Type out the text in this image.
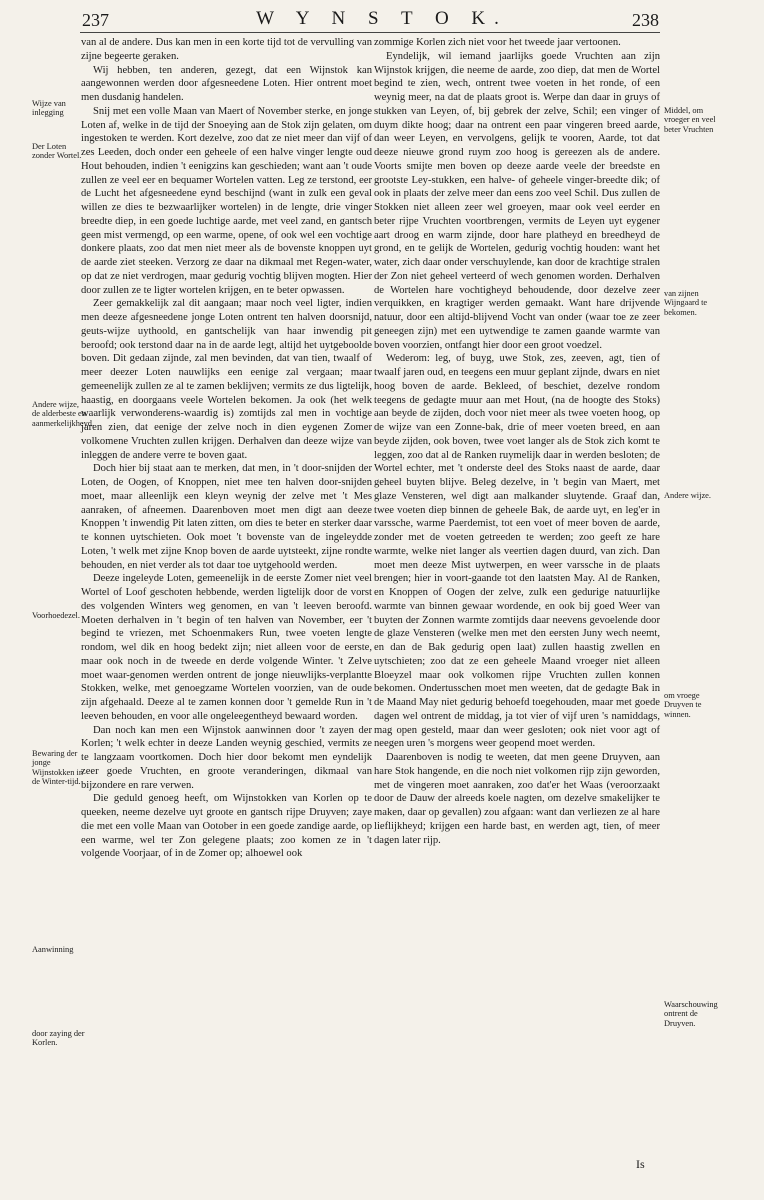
237	W Y N S T O K.	238

van al de andere. Dus kan men in een korte tijd tot de vervulling van zijne begeerte geraken.

Wij hebben, ten anderen, gezegt, dat een Wijnstok kan aangewonnen werden door afgesneedene Loten. Hier ontrent moet men dusdanig handelen.

Snij met een volle Maan van Maert of November sterke, en jonge Loten af, welke in de tijd der Snoeying aan de Stok zijn gelaten, om ingestoken te werden. Kort dezelve, zoo dat ze niet meer dan vijf of zes Leeden, doch onder een geheele of een halve vinger lengte oud Hout behouden, indien 't eenigzins kan geschieden; want aan 't oude zullen ze veel eer en bequamer Wortelen vatten. Leg ze terstond, eer de Lucht het afgesneedene eynd beschijnd (want in zulk een geval willen ze dies te bezwaarlijker wortelen) in de lengte, drie vinger breedte diep, in een goede luchtige aarde, met veel zand, en gantsch geen mist vermengd, op een warme, opene, of ook wel een vochtige donkere plaats, zoo dat men niet meer als de bovenste knoppen uyt de aarde ziet steeken. Verzorg ze daar na dikmaal met Regen-water, op dat ze niet verdrogen, maar gedurig vochtig blijven mogten. Hier door zullen ze te ligter wortelen krijgen, en te beter opwassen.

Zeer gemakkelijk zal dit aangaan; maar noch veel ligter, indien men deeze afgesneedene jonge Loten ontrent ten halven doorsnijd, geuts-wijze uythoold, en gantschelijk van haar inwendig pit beroofd; ook terstond daar na in de aarde legt, altijd het uytgeboolde boven. Dit gedaan zijnde, zal men bevinden, dat van tien, twaalf of meer deezer Loten nauwlijks een eenige zal vergaan; maar gemeenelijk zullen ze al te zamen beklijven; vermits ze dus ligtelijk, haastig, en doorgaans veele Wortelen bekomen. Ja ook (het welk waarlijk verwonderens-waardig is) zomtijds zal men in vochtige jaren zien, dat eenige der zelve noch in dien eygenen Zomer volkomene Vruchten zullen krijgen. Derhalven dan deeze wijze van inleggen de andere verre te boven gaat.

Doch hier bij staat aan te merken, dat men, in 't door-snijden der Loten, de Oogen, of Knoppen, niet mee ten halven door-snijden moet, maar alleenlijk een kleyn weynig der zelve met 't Mes aanraken, of afneemen. Daarenboven moet men digt aan deeze Knoppen 't inwendig Pit laten zitten, om dies te beter en sterker daar te konnen uytschieten. Ook moet 't bovenste van de ingeleydde Loten, 't welk met zijne Knop boven de aarde uytsteekt, zijne rondte behouden, en niet verder als tot daar toe uytgehoold werden.

Deeze ingeleyde Loten, gemeenelijk in de eerste Zomer niet veel Wortel of Loof geschoten hebbende, werden ligtelijk door de vorst des volgenden Winters weg genomen, en van 't leeven beroofd. Moeten derhalven in 't begin of ten halven van November, eer 't begind te vriezen, met Schoenmakers Run, twee voeten lengte rondom, wel dik en hoog bedekt zijn; niet alleen voor de eerste, maar ook noch in de tweede en derde volgende Winter. 't Zelve moet waar-genomen werden ontrent de jonge nieuwlijks-verplantte Stokken, welke, met genoegzame Wortelen voorzien, van de oude zijn afgehaald. Deeze al te zamen konnen door 't gemelde Run in 't leeven behouden, en voor alle ongeleegentheyd bewaard worden.

Dan noch kan men een Wijnstok aanwinnen door 't zayen der Korlen; 't welk echter in deeze Landen weynig geschied, vermits ze te langzaam voortkomen. Doch hier door bekomt men eyndelijk zeer goede Vruchten, en groote veranderingen, dikmaal van bijzondere en rare verwen.

Die geduld genoeg heeft, om Wijnstokken van Korlen op te queeken, neeme dezelve uyt groote en gantsch rijpe Druyven; zaye die met een volle Maan van Ootober in een goede zandige aarde, op een warme, wel ter Zon gelegene plaats; zoo komen ze in 't volgende Voorjaar, of in de Zomer op; alhoewel ook

zommige Korlen zich niet voor het tweede jaar vertoonen.

Eyndelijk, wil iemand jaarlijks goede Vruchten aan zijn Wijnstok krijgen, die neeme de aarde, zoo diep, dat men de Wortel begind te zien, wech, ontrent twee voeten in het ronde, of een weynig meer, na dat de plaats groot is. Werpe dan daar in gruys of stukken van Leyen, of, bij gebrek der zelve, Schil; een vinger of duym dikte hoog; daar na ontrent een paar vingeren breed aarde, dan weer Leyen, en vervolgens, gelijk te vooren, Aarde, tot dat deeze nieuwe grond ruym zoo hoog is gereezen als de andere. Voorts smijte men boven op deeze aarde veele der breedste en grootste Ley-stukken, een halve- of geheele vinger-breedte dik; of ook in plaats der zelve meer dan eens zoo veel Schil. Dus zullen de Stokken niet alleen zeer wel groeyen, maar ook veel eerder en beter rijpe Vruchten voortbrengen, vermits de Leyen uyt eygener aart droog en warm zijnde, door hare platheyd en breedheyd de grond, en te gelijk de Wortelen, gedurig vochtig houden: want het water, zich daar onder verschuylende, kan door de krachtige stralen der Zon niet geheel verteerd of wech genomen worden. Derhalven de Wortelen hare vochtigheyd behoudende, door dezelve zeer verquikken, en kragtiger werden gemaakt. Want hare drijvende natuur, door een altijd-blijvend Vocht van onder (waar toe ze zeer geneegen zijn) met een uytwendige te zamen gaande warmte van boven voorzien, ontfangt hier door een groot voedzel.

Wederom: leg, of buyg, uwe Stok, zes, zeeven, agt, tien of twaalf jaren oud, en teegens een muur geplant zijnde, dwars en niet hoog boven de aarde. Bekleed, of beschiet, dezelve rondom teegens de gedagte muur aan met Hout, (na de hoogte des Stoks) aan beyde de zijden, doch voor niet meer als twee voeten hoog, op de wijze van een Zonne-bak, drie of meer voeten breed, en aan beyde zijden, ook boven, twee voet langer als de Stok zich komt te leggen, zoo dat al de Ranken ruymelijk daar in werden besloten; de Wortel echter, met 't onderste deel des Stoks naast de aarde, daar geheel buyten blijve. Beleg dezelve, in 't begin van Maert, met glaze Vensteren, wel digt aan malkander sluytende. Graaf dan, twee voeten diep binnen de geheele Bak, de aarde uyt, en leg'er in varssche, warme Paerdemist, tot een voet of meer boven de aarde, zonder met de voeten getreeden te werden; zoo geeft ze hare warmte, welke niet langer als veertien dagen duurd, van zich. Dan moet men deeze Mist uytwerpen, en weer varssche in de plaats brengen; hier in voort-gaande tot den laatsten May. Al de Ranken, en Knoppen of Oogen der zelve, zulk een gedurige natuurlijke warmte van binnen gewaar wordende, en ook bij goed Weer van buyten der Zonnen warmte zomtijds daar neevens gevoelende door de glaze Vensteren (welke men met den eersten Juny wech neemt, en dan de Bak gedurig open laat) zullen haastig zwellen en uytschieten; zoo dat ze een geheele Maand vroeger niet alleen Bloeyzel maar ook volkomen rijpe Vruchten zullen konnen bekomen. Ondertusschen moet men weeten, dat de gedagte Bak in de Maand May niet gedurig behoefd toegehouden, maar met goede dagen wel ontrent de middag, ja tot vier of vijf uren 's namiddags, mag open gesteld, maar dan weer gesloten; ook niet voor agt of neegen uren 's morgens weer geopend moet werden.

Daarenboven is nodig te weeten, dat men geene Druyven, aan hare Stok hangende, en die noch niet volkomen rijp zijn geworden, met de vingeren moet aanraken, zoo dat'er het Waas (veroorzaakt door de Dauw der alreeds koele nagten, om dezelve smakelijker te maken, daar op gevallen) zou afgaan: want dan verliezen ze al hare lieflijkheyd; krijgen een harde bast, en werden agt, tien, of meer dagen later rijp.

Wijze van inlegging
Der Loten zonder Wortel.
Andere wijze, de alderbeste en aanmerkelijkheyd.
Voorhoedezel.
Bewaring der jonge Wijnstokken in de Winter-tijd.
Aanwinning
door zaying der Korlen.
Middel, om vroeger en veel beter Vruchten
van zijnen Wijngaard te bekomen.
Andere wijze.
om vroege Druyven te winnen.
Waarschouwing ontrent de Druyven.
Is
